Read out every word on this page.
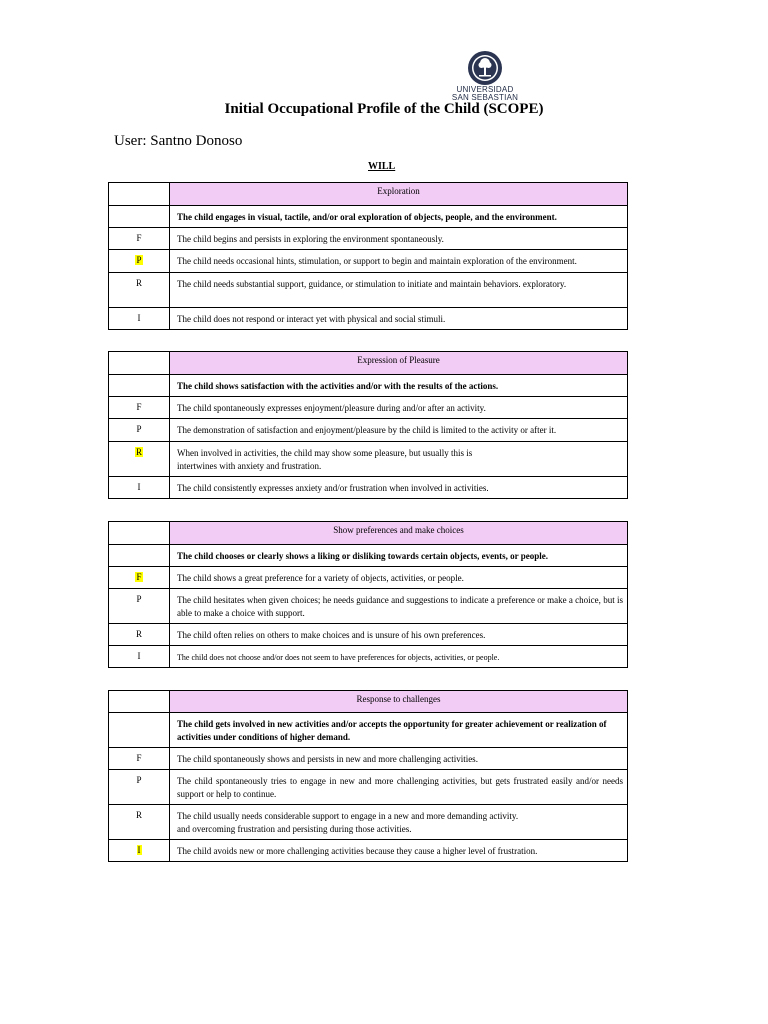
UNIVERSIDAD
SAN SEBASTIAN
Initial Occupational Profile of the Child (SCOPE)
User: Santno Donoso
WILL
	Exploration
	The child engages in visual, tactile, and/or oral exploration of objects, people, and the environment.
F	The child begins and persists in exploring the environment spontaneously.
P	The child needs occasional hints, stimulation, or support to begin and maintain exploration of the environment.
R	The child needs substantial support, guidance, or stimulation to initiate and maintain behaviors. exploratory.
I	The child does not respond or interact yet with physical and social stimuli.
	Expression of Pleasure
	The child shows satisfaction with the activities and/or with the results of the actions.
F	The child spontaneously expresses enjoyment/pleasure during and/or after an activity.
P	The demonstration of satisfaction and enjoyment/pleasure by the child is limited to the activity or after it.
R	When involved in activities, the child may show some pleasure, but usually this is
intertwines with anxiety and frustration.

I	The child consistently expresses anxiety and/or frustration when involved in activities.
	Show preferences and make choices
	The child chooses or clearly shows a liking or disliking towards certain objects, events, or people.
F	The child shows a great preference for a variety of objects, activities, or people.
P	The child hesitates when given choices; he needs guidance and suggestions to indicate a preference or make a choice, but is able to make a choice with support.
R	The child often relies on others to make choices and is unsure of his own preferences.
I	The child does not choose and/or does not seem to have preferences for objects, activities, or people.
	Response to challenges
	The child gets involved in new activities and/or accepts the opportunity for greater achievement or realization of activities under conditions of higher demand.
F	The child spontaneously shows and persists in new and more challenging activities.
P	The child spontaneously tries to engage in new and more challenging activities, but gets frustrated easily and/or needs support or help to continue.
R	The child usually needs considerable support to engage in a new and more demanding activity.
and overcoming frustration and persisting during those activities.

I	The child avoids new or more challenging activities because they cause a higher level of frustration.
